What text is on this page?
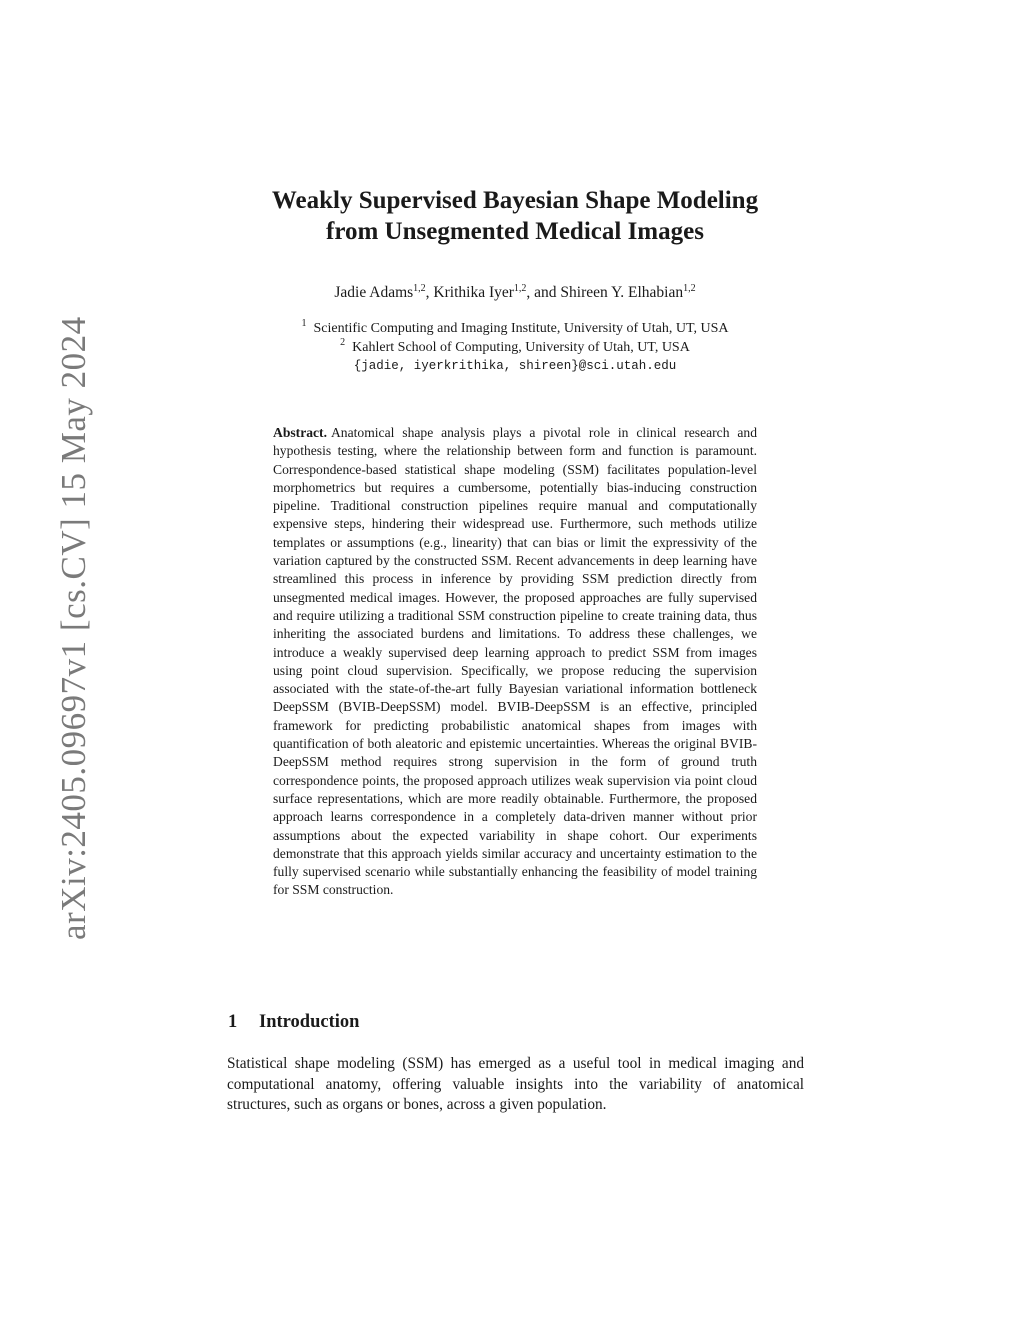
arXiv:2405.09697v1 [cs.CV] 15 May 2024
Weakly Supervised Bayesian Shape Modeling
from Unsegmented Medical Images
Jadie Adams$^{1,2}$, Krithika Iyer$^{1,2}$, and Shireen Y. Elhabian$^{1,2}$
$^1$ Scientific Computing and Imaging Institute, University of Utah, UT, USA
$^2$ Kahlert School of Computing, University of Utah, UT, USA
{jadie, iyerkrithika, shireen}@sci.utah.edu
Abstract. Anatomical shape analysis plays a pivotal role in clinical research and hypothesis testing, where the relationship between form and function is paramount. Correspondence-based statistical shape modeling (SSM) facilitates population-level morphometrics but requires a cumbersome, potentially bias-inducing construction pipeline. Traditional construction pipelines require manual and computationally expensive steps, hindering their widespread use. Furthermore, such methods utilize templates or assumptions (e.g., linearity) that can bias or limit the expressivity of the variation captured by the constructed SSM. Recent advancements in deep learning have streamlined this process in inference by providing SSM prediction directly from unsegmented medical images. However, the proposed approaches are fully supervised and require utilizing a traditional SSM construction pipeline to create training data, thus inheriting the associated burdens and limitations. To address these challenges, we introduce a weakly supervised deep learning approach to predict SSM from images using point cloud supervision. Specifically, we propose reducing the supervision associated with the state-of-the-art fully Bayesian variational information bottleneck DeepSSM (BVIB-DeepSSM) model. BVIB-DeepSSM is an effective, principled framework for predicting probabilistic anatomical shapes from images with quantification of both aleatoric and epistemic uncertainties. Whereas the original BVIB-DeepSSM method requires strong supervision in the form of ground truth correspondence points, the proposed approach utilizes weak supervision via point cloud surface representations, which are more readily obtainable. Furthermore, the proposed approach learns correspondence in a completely data-driven manner without prior assumptions about the expected variability in shape cohort. Our experiments demonstrate that this approach yields similar accuracy and uncertainty estimation to the fully supervised scenario while substantially enhancing the feasibility of model training for SSM construction.
1 Introduction
Statistical shape modeling (SSM) has emerged as a useful tool in medical imaging and computational anatomy, offering valuable insights into the variability of anatomical structures, such as organs or bones, across a given population.
